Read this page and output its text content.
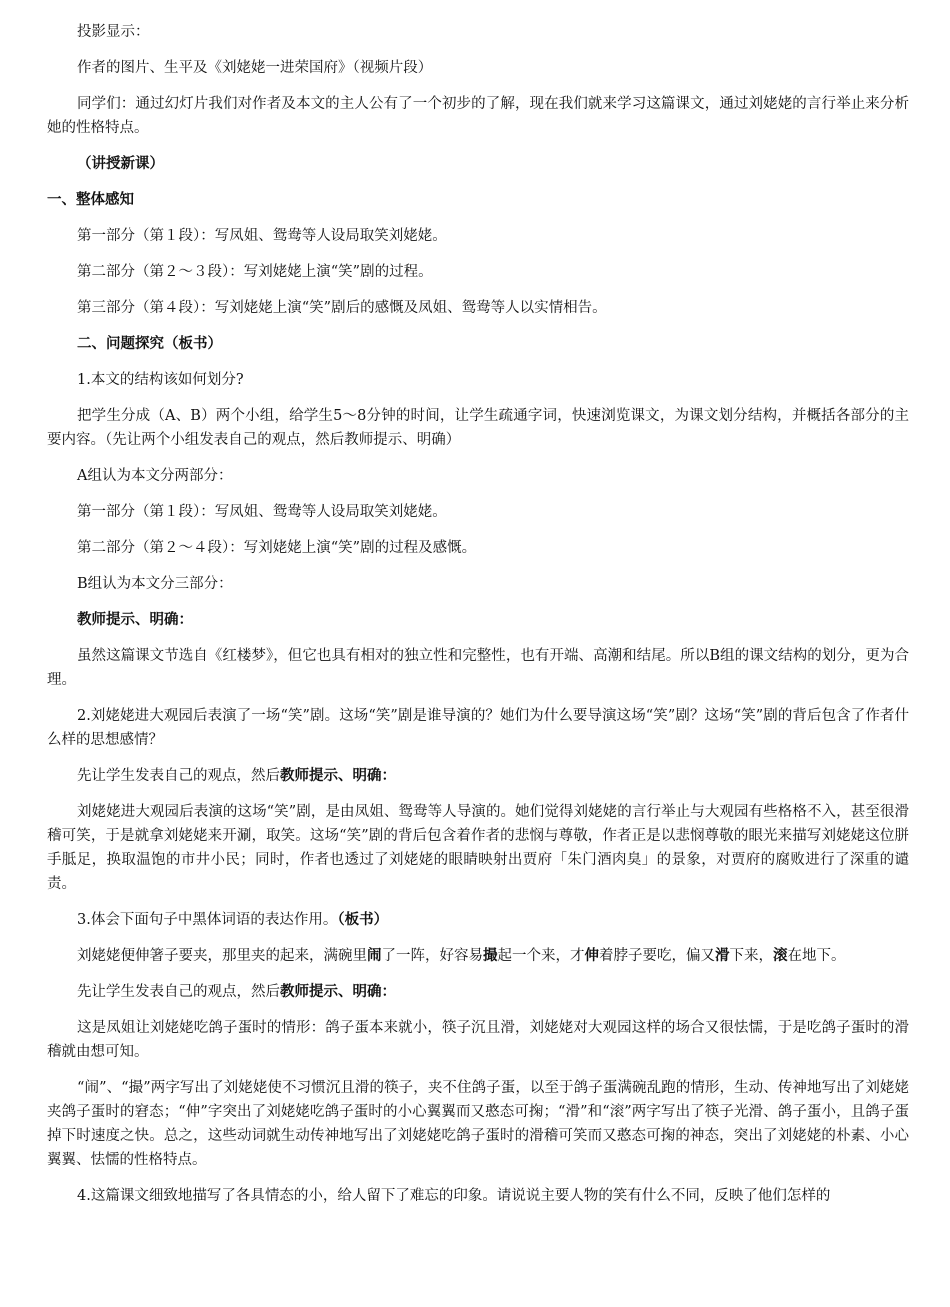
投影显示：

作者的图片、生平及《刘姥姥一进荣国府》（视频片段）

同学们：通过幻灯片我们对作者及本文的主人公有了一个初步的了解，现在我们就来学习这篇课文，通过刘姥姥的言行举止来分析她的性格特点。

（讲授新课）

一、整体感知

第一部分（第１段）：写凤姐、鸳鸯等人设局取笑刘姥姥。

第二部分（第２～３段）：写刘姥姥上演“笑”剧的过程。

第三部分（第４段）：写刘姥姥上演“笑”剧后的感慨及凤姐、鸳鸯等人以实情相告。

二、问题探究（板书）

1.本文的结构该如何划分?

把学生分成（A、B）两个小组，给学生5～8分钟的时间，让学生疏通字词，快速浏览课文，为课文划分结构，并概括各部分的主要内容。（先让两个小组发表自己的观点，然后教师提示、明确）

A组认为本文分两部分：

第一部分（第１段）：写凤姐、鸳鸯等人设局取笑刘姥姥。

第二部分（第２～４段）：写刘姥姥上演“笑”剧的过程及感慨。

B组认为本文分三部分：

教师提示、明确：

虽然这篇课文节选自《红楼梦》，但它也具有相对的独立性和完整性，也有开端、高潮和结尾。所以B组的课文结构的划分，更为合理。

2.刘姥姥进大观园后表演了一场“笑”剧。这场“笑”剧是谁导演的？她们为什么要导演这场“笑”剧？这场“笑”剧的背后包含了作者什么样的思想感情？

先让学生发表自己的观点，然后教师提示、明确：

刘姥姥进大观园后表演的这场“笑”剧，是由凤姐、鸳鸯等人导演的。她们觉得刘姥姥的言行举止与大观园有些格格不入，甚至很滑稽可笑，于是就拿刘姥姥来开涮，取笑。这场“笑”剧的背后包含着作者的悲悯与尊敬，作者正是以悲悯尊敬的眼光来描写刘姥姥这位胼手胝足，换取温饱的市井小民；同时，作者也透过了刘姥姥的眼睛映射出贾府「朱门酒肉臭」的景象，对贾府的腐败进行了深重的谴责。

3.体会下面句子中黑体词语的表达作用。（板书）

刘姥姥便伸箸子要夹，那里夹的起来，满碗里闹了一阵，好容易撮起一个来，才伸着脖子要吃，偏又滑下来，滚在地下。

先让学生发表自己的观点，然后教师提示、明确：

这是凤姐让刘姥姥吃鸽子蛋时的情形：鸽子蛋本来就小，筷子沉且滑，刘姥姥对大观园这样的场合又很怯懦，于是吃鸽子蛋时的滑稽就由想可知。

“闹”、“撮”两字写出了刘姥姥使不习惯沉且滑的筷子，夹不住鸽子蛋，以至于鸽子蛋满碗乱跑的情形，生动、传神地写出了刘姥姥夹鸽子蛋时的窘态；“伸”字突出了刘姥姥吃鸽子蛋时的小心翼翼而又憨态可掬；“滑”和“滚”两字写出了筷子光滑、鸽子蛋小，且鸽子蛋掉下时速度之快。总之，这些动词就生动传神地写出了刘姥姥吃鸽子蛋时的滑稽可笑而又憨态可掬的神态，突出了刘姥姥的朴素、小心翼翼、怯懦的性格特点。

4.这篇课文细致地描写了各具情态的小，给人留下了难忘的印象。请说说主要人物的笑有什么不同，反映了他们怎样的
